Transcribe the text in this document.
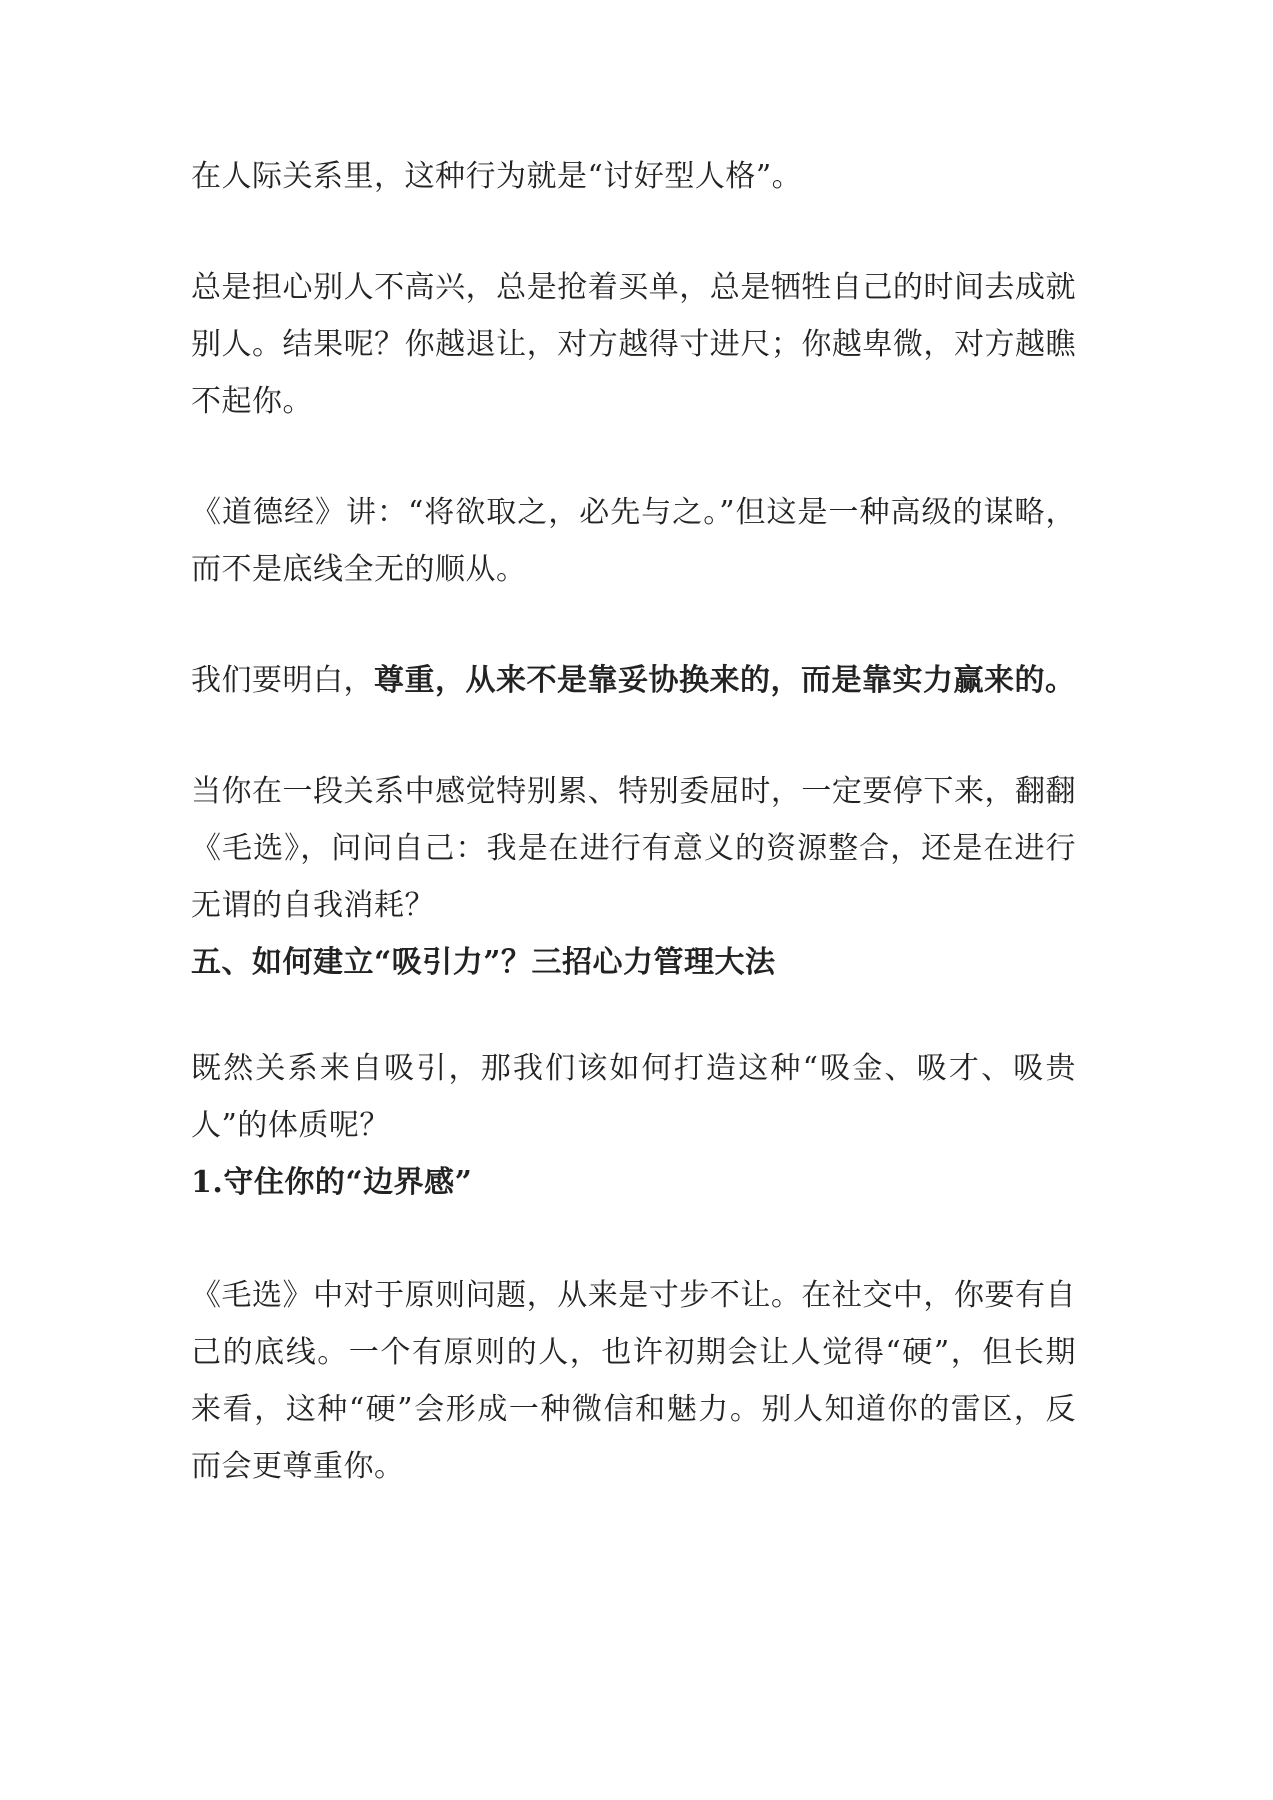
在人际关系里，这种行为就是“讨好型人格”。

总是担心别人不高兴，总是抢着买单，总是牺牲自己的时间去成就别人。结果呢？你越退让，对方越得寸进尺；你越卑微，对方越瞧不起你。

《道德经》讲：“将欲取之，必先与之。”但这是一种高级的谋略，而不是底线全无的顺从。

我们要明白，尊重，从来不是靠妥协换来的，而是靠实力赢来的。

当你在一段关系中感觉特别累、特别委屈时，一定要停下来，翻翻《毛选》，问问自己：我是在进行有意义的资源整合，还是在进行无谓的自我消耗？

五、如何建立“吸引力”？三招心力管理大法

既然关系来自吸引，那我们该如何打造这种“吸金、吸才、吸贵人”的体质呢？

1.守住你的“边界感”

《毛选》中对于原则问题，从来是寸步不让。在社交中，你要有自己的底线。一个有原则的人，也许初期会让人觉得“硬”，但长期来看，这种“硬”会形成一种微信和魅力。别人知道你的雷区，反而会更尊重你。
